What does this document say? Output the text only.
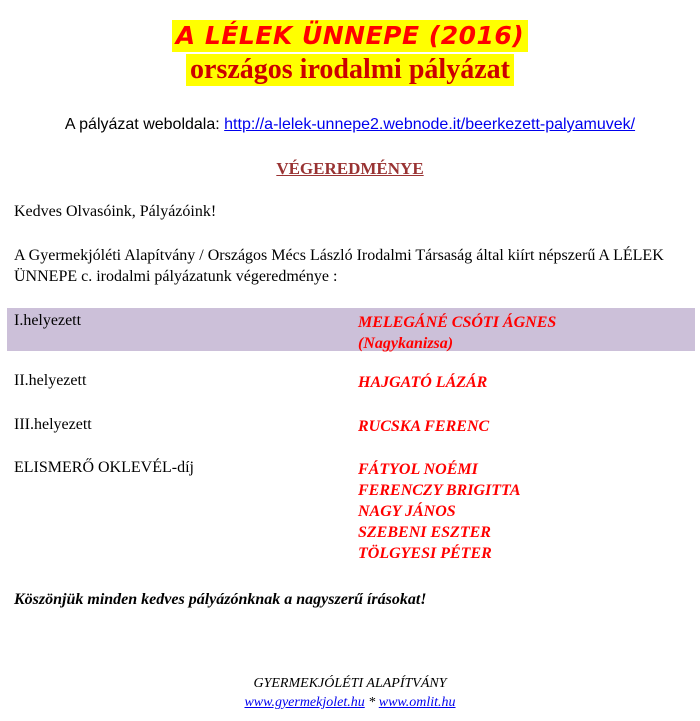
A LÉLEK ÜNNEPE (2016)
országos irodalmi pályázat
A pályázat weboldala: http://a-lelek-unnepe2.webnode.it/beerkezett-palyamuvek/
VÉGEREDMÉNYE
Kedves Olvasóink, Pályázóink!
A Gyermekjóléti Alapítvány / Országos Mécs László Irodalmi Társaság által kiírt népszerű A LÉLEK ÜNNEPE c. irodalmi pályázatunk végeredménye :
I.helyezett	MELEGÁNÉ CSÓTI ÁGNES
(Nagykanizsa)
II.helyezett	HAJGATÓ LÁZÁR
III.helyezett	RUCSKA FERENC
ELISMERŐ OKLEVÉL-díj	FÁTYOL NOÉMI
FERENCZY BRIGITTA
NAGY JÁNOS
SZEBENI ESZTER
TÖLGYESI PÉTER
Köszönjük minden kedves pályázónknak a nagyszerű írásokat!
GYERMEKJÓLÉTI ALAPÍTVÁNY
www.gyermekjolet.hu * www.omlit.hu
